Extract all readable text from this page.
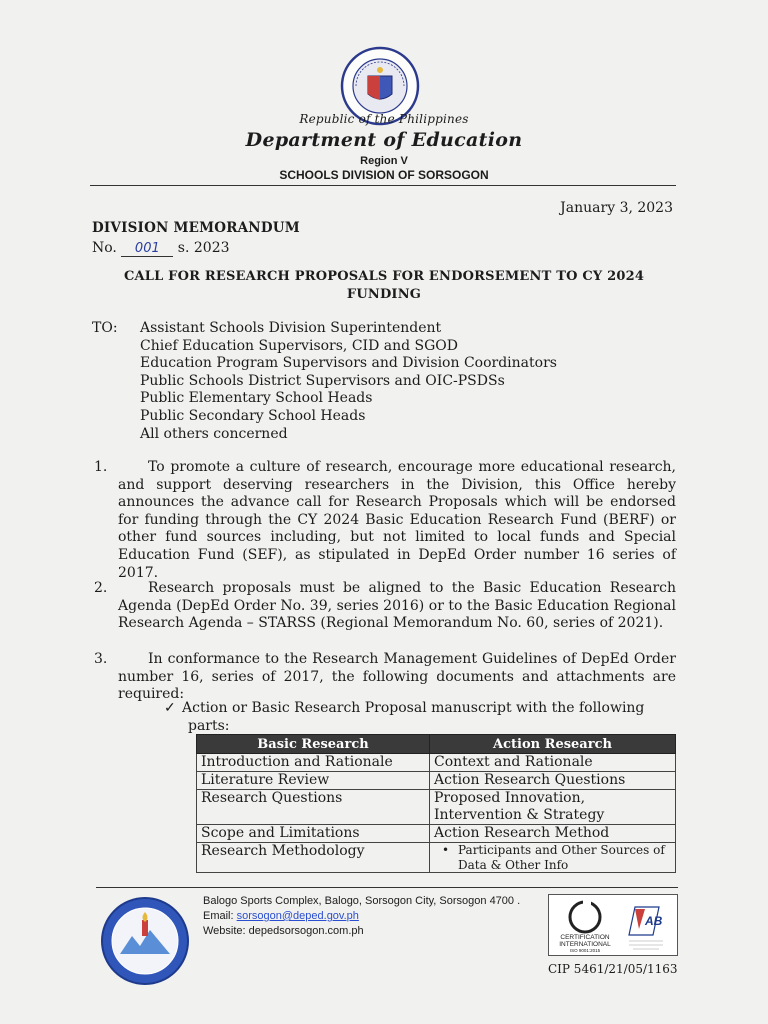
Republic of the Philippines
Department of Education
Region V
SCHOOLS DIVISION OF SORSOGON
January 3, 2023
DIVISION MEMORANDUM
No. 001 s. 2023
CALL FOR RESEARCH PROPOSALS FOR ENDORSEMENT TO CY 2024
FUNDING
TO: Assistant Schools Division Superintendent
Chief Education Supervisors, CID and SGOD
Education Program Supervisors and Division Coordinators
Public Schools District Supervisors and OIC-PSDSs
Public Elementary School Heads
Public Secondary School Heads
All others concerned
1.	To promote a culture of research, encourage more educational research, and support deserving researchers in the Division, this Office hereby announces the advance call for Research Proposals which will be endorsed for funding through the CY 2024 Basic Education Research Fund (BERF) or other fund sources including, but not limited to local funds and Special Education Fund (SEF), as stipulated in DepEd Order number 16 series of 2017.

2.	Research proposals must be aligned to the Basic Education Research Agenda (DepEd Order No. 39, series 2016) or to the Basic Education Regional Research Agenda – STARSS (Regional Memorandum No. 60, series of 2021).

3.	In conformance to the Research Management Guidelines of DepEd Order number 16, series of 2017, the following documents and attachments are required:

✓ Action or Basic Research Proposal manuscript with the following
parts:
Basic Research	Action Research
Introduction and Rationale	Context and Rationale
Literature Review	Action Research Questions
Research Questions	Proposed Innovation, Intervention & Strategy
Scope and Limitations	Action Research Method
Research Methodology	• Participants and Other Sources of Data & Other Info
Balogo Sports Complex, Balogo, Sorsogon City, Sorsogon 4700 .
Email: sorsogon@deped.gov.ph
Website: depedsorsogon.com.ph
CERTIFICATION
INTERNATIONAL
ISO 9001:2015
AB
CIP 5461/21/05/1163
